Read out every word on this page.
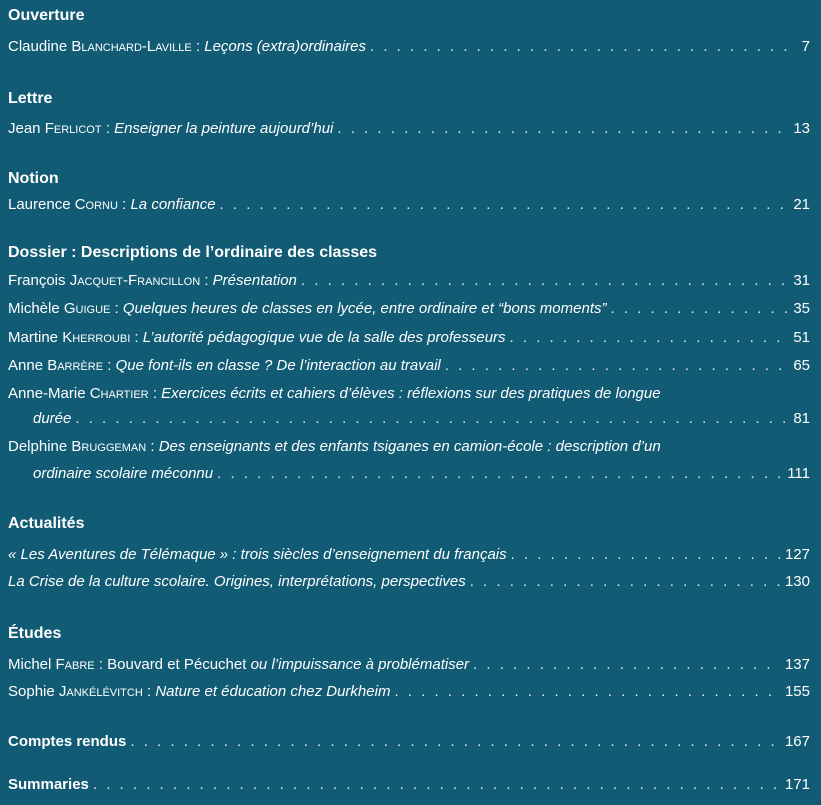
Ouverture
Claudine Blanchard-Laville : Leçons (extra)ordinaires . . .	7
Lettre
Jean Ferlicot : Enseigner la peinture aujourd’hui . . .	13
Notion
Laurence Cornu : La confiance . . .	21
Dossier : Descriptions de l’ordinaire des classes
François Jacquet-Francillon : Présentation . . .	31
Michèle Guigue : Quelques heures de classes en lycée, entre ordinaire et “bons moments” . . .	35
Martine Kherroubi : L’autorité pédagogique vue de la salle des professeurs . . .	51
Anne Barrère : Que font-ils en classe ? De l’interaction au travail . . .	65
Anne-Marie Chartier : Exercices écrits et cahiers d’élèves : réflexions sur des pratiques de longue
durée . . .	81
Delphine Bruggeman : Des enseignants et des enfants tsiganes en camion-école : description d’un
ordinaire scolaire méconnu . . .	111
Actualités
« Les Aventures de Télémaque » : trois siècles d’enseignement du français . . .	127
La Crise de la culture scolaire. Origines, interprétations, perspectives . . .	130
Études
Michel Fabre : Bouvard et Pécuchet ou l’impuissance à problématiser . . .	137
Sophie Jankélévitch : Nature et éducation chez Durkheim . . .	155
Comptes rendus . . .	167
Summaries . . .	171
